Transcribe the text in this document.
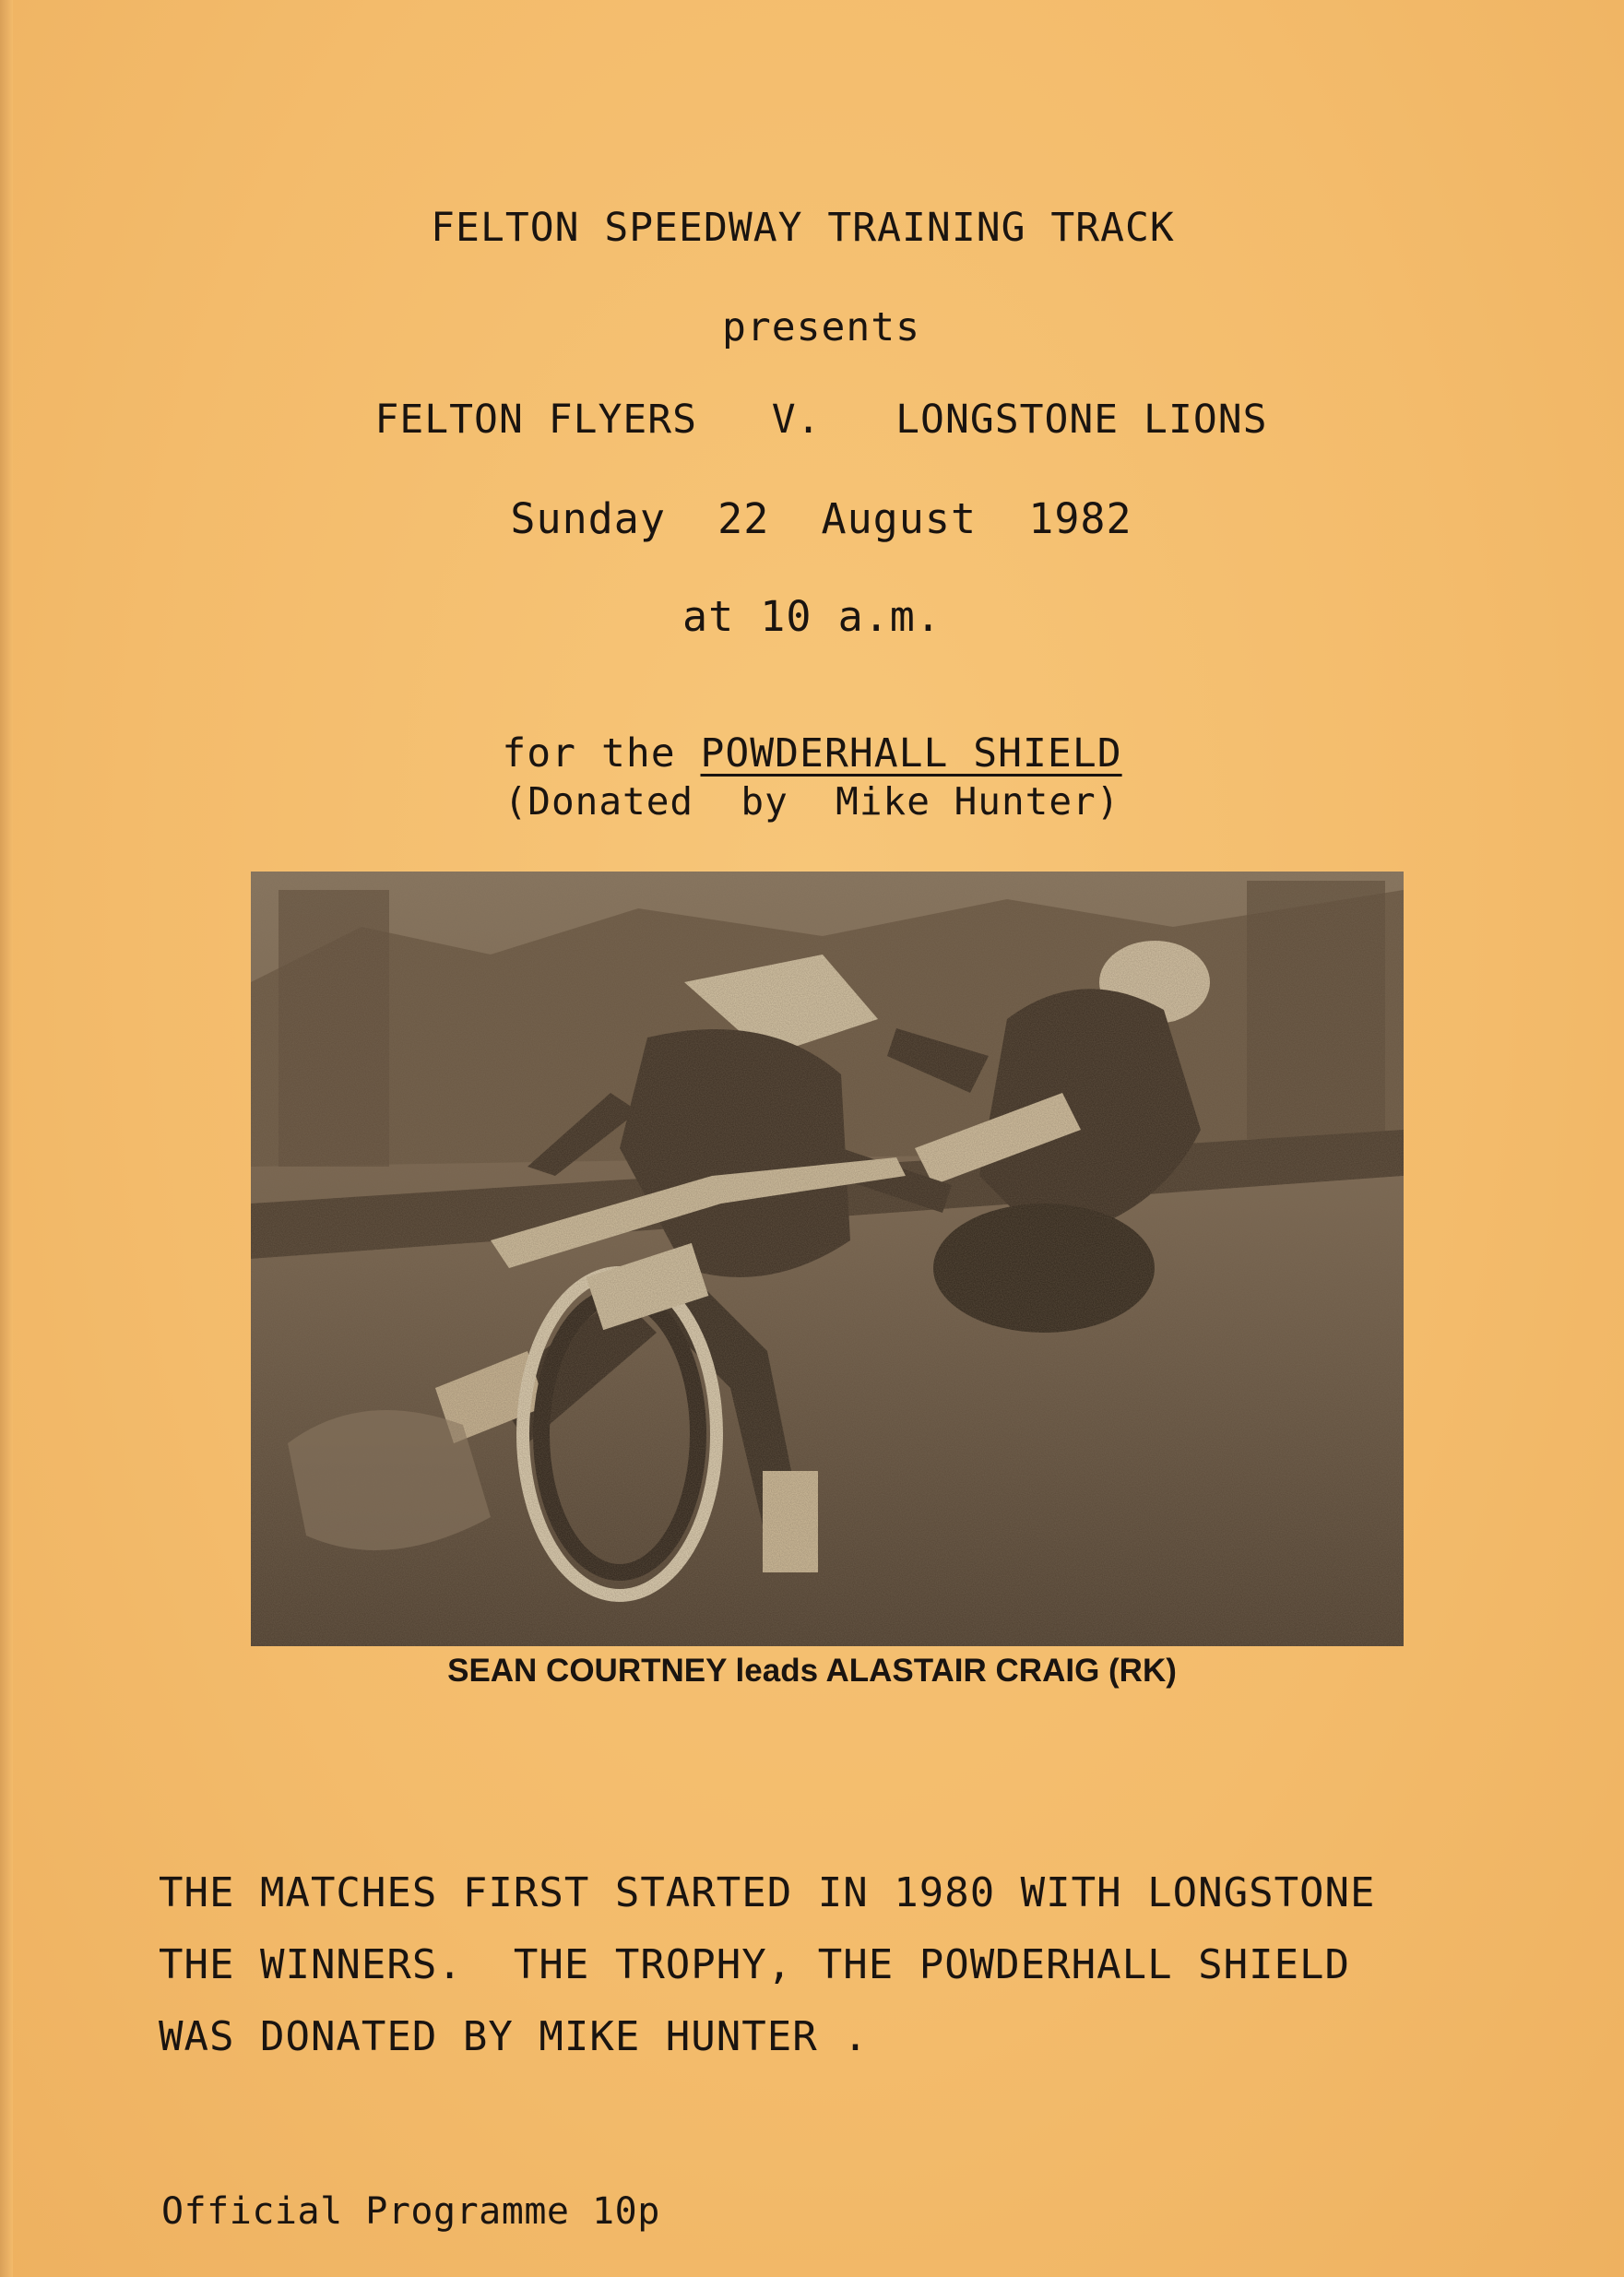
FELTON SPEEDWAY TRAINING TRACK
presents
FELTON FLYERS V. LONGSTONE LIONS
Sunday  22  August  1982
at 10 a.m.
for the POWDERHALL SHIELD
(Donated  by  Mike Hunter)
SEAN COURTNEY leads ALASTAIR CRAIG (RK)
THE MATCHES FIRST STARTED IN 1980 WITH LONGSTONE
THE WINNERS.  THE TROPHY, THE POWDERHALL SHIELD
WAS DONATED BY MIKE HUNTER .
Official Programme 10p
